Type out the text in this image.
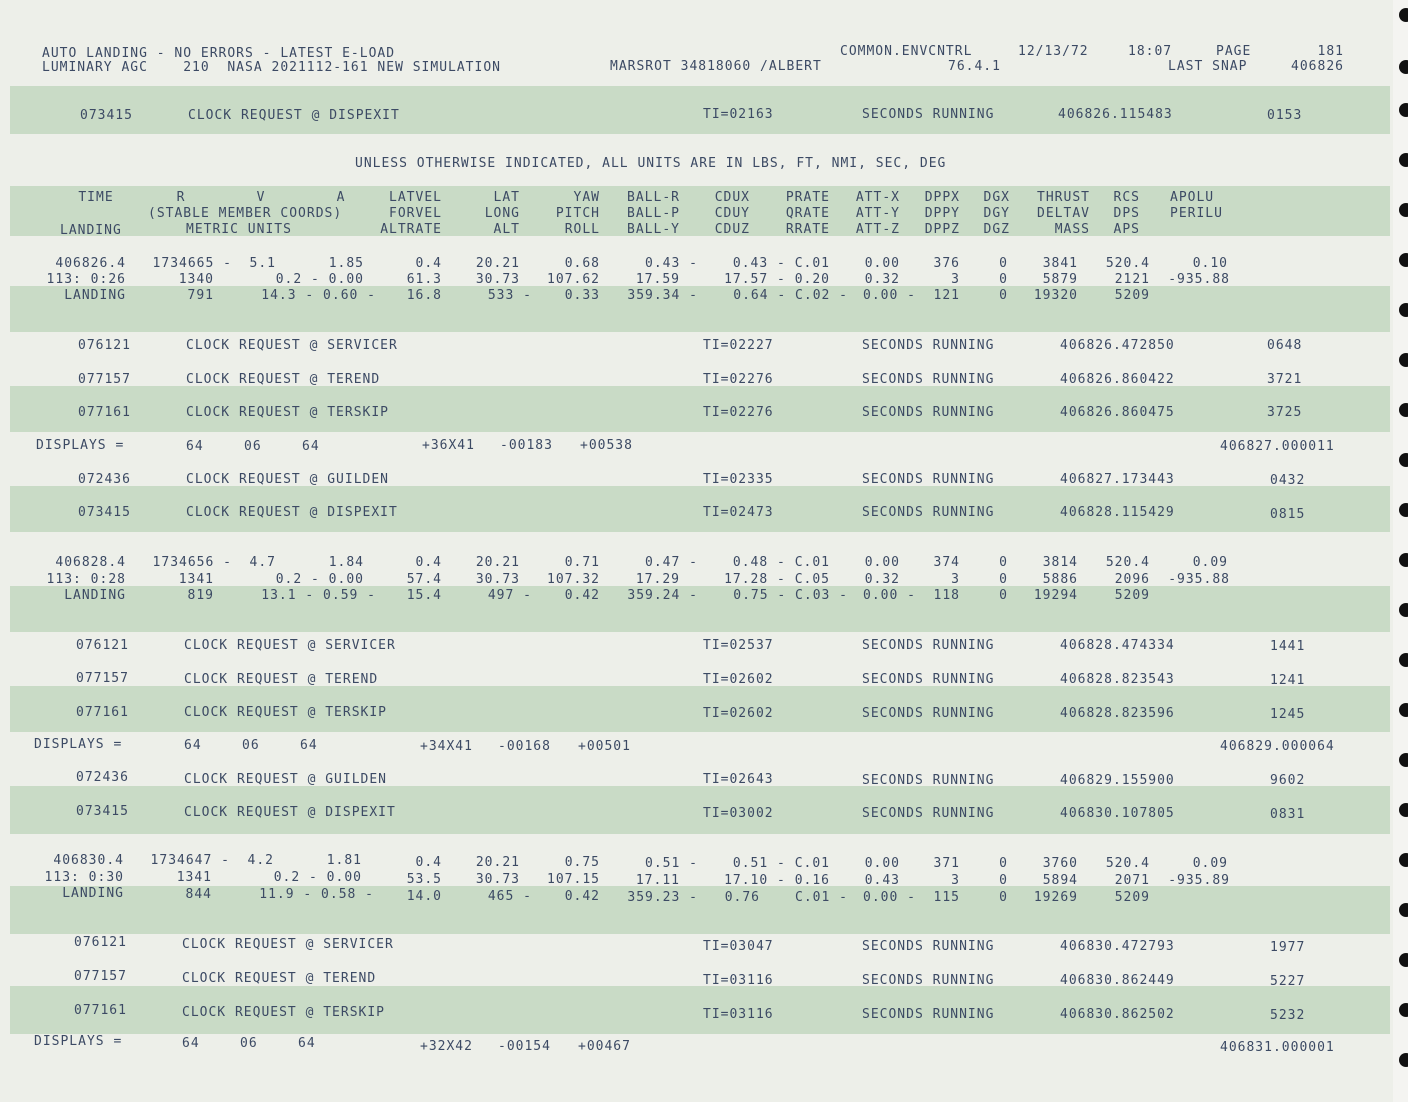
AUTO LANDING - NO ERRORS - LATEST E-LOAD	COMMON.ENVCNTRL	12/13/72	18:07	PAGE	181
LUMINARY AGC    210  NASA 2021112-161 NEW SIMULATION	MARSROT 34818060 /ALBERT	76.4.1	LAST SNAP	406826
073415	CLOCK REQUEST @ DISPEXIT	TI=02163	SECONDS RUNNING	406826.115483	0153
UNLESS OTHERWISE INDICATED, ALL UNITS ARE IN LBS, FT, NMI, SEC, DEG
TIME	R	V	A	LATVEL	LAT	YAW	BALL-R	CDUX	PRATE	ATT-X	DPPX	DGX	THRUST	RCS APOLU
(STABLE MEMBER COORDS)	FORVEL	LONG	PITCH	BALL-P	CDUY	QRATE	ATT-Y	DPPY	DGY	DELTAV	DPS PERILU
LANDING	METRIC UNITS	ALTRATE	ALT	ROLL	BALL-Y	CDUZ	RRATE	ATT-Z	DPPZ	DGZ	MASS	APS
406826.4	1734665 - 5.1	1.85	0.4	20.21	0.68	0.43 -	0.43 - C.01	0.00	376	0	3841	520.4	0.10
113: 0:26	1340	0.2 - 0.00	61.3	30.73	107.62	17.59	17.57 - 0.20	0.32	3	0	5879	2121	-935.88
LANDING	791	14.3 - 0.60 -	16.8	533 -	0.33	359.34 -	0.64 - C.02 -	0.00 -	121	0	19320	5209
076121	CLOCK REQUEST @ SERVICER	TI=02227	SECONDS RUNNING	406826.472850	0648
077157	CLOCK REQUEST @ TEREND	TI=02276	SECONDS RUNNING	406826.860422	3721
077161	CLOCK REQUEST @ TERSKIP	TI=02276	SECONDS RUNNING	406826.860475	3725
DISPLAYS =	64	06	64	+36X41 -00183 +00538	406827.000011
072436	CLOCK REQUEST @ GUILDEN	TI=02335	SECONDS RUNNING	406827.173443	0432
073415	CLOCK REQUEST @ DISPEXIT	TI=02473	SECONDS RUNNING	406828.115429	0815
406828.4	1734656 - 4.7	1.84	0.4	20.21	0.71	0.47 -	0.48 - C.01	0.00	374	0	3814	520.4	0.09
113: 0:28	1341	0.2 - 0.00	57.4	30.73	107.32	17.29	17.28 - C.05	0.32	3	0	5886	2096	-935.88
LANDING	819	13.1 - 0.59 -	15.4	497 -	0.42	359.24 -	0.75 - C.03 -	0.00 -	118	0	19294	5209
076121	CLOCK REQUEST @ SERVICER	TI=02537	SECONDS RUNNING	406828.474334	1441
077157	CLOCK REQUEST @ TEREND	TI=02602	SECONDS RUNNING	406828.823543	1241
077161	CLOCK REQUEST @ TERSKIP	TI=02602	SECONDS RUNNING	406828.823596	1245
DISPLAYS =	64	06	64	+34X41 -00168 +00501	406829.000064
072436	CLOCK REQUEST @ GUILDEN	TI=02643	SECONDS RUNNING	406829.155900	9602
073415	CLOCK REQUEST @ DISPEXIT	TI=03002	SECONDS RUNNING	406830.107805	0831
406830.4	1734647 - 4.2	1.81	0.4	20.21	0.75	0.51 -	0.51 - C.01	0.00	371	0	3760	520.4	0.09
113: 0:30	1341	0.2 - 0.00	53.5	30.73	107.15	17.11	17.10 - 0.16	0.43	3	0	5894	2071	-935.89
LANDING	844	11.9 - 0.58 -	14.0	465 -	0.42	359.23 -	0.76	C.01 -	0.00 -	115	0	19269	5209
076121	CLOCK REQUEST @ SERVICER	TI=03047	SECONDS RUNNING	406830.472793	1977
077157	CLOCK REQUEST @ TEREND	TI=03116	SECONDS RUNNING	406830.862449	5227
077161	CLOCK REQUEST @ TERSKIP	TI=03116	SECONDS RUNNING	406830.862502	5232
DISPLAYS =	64	06	64	+32X42 -00154 +00467	406831.000001
